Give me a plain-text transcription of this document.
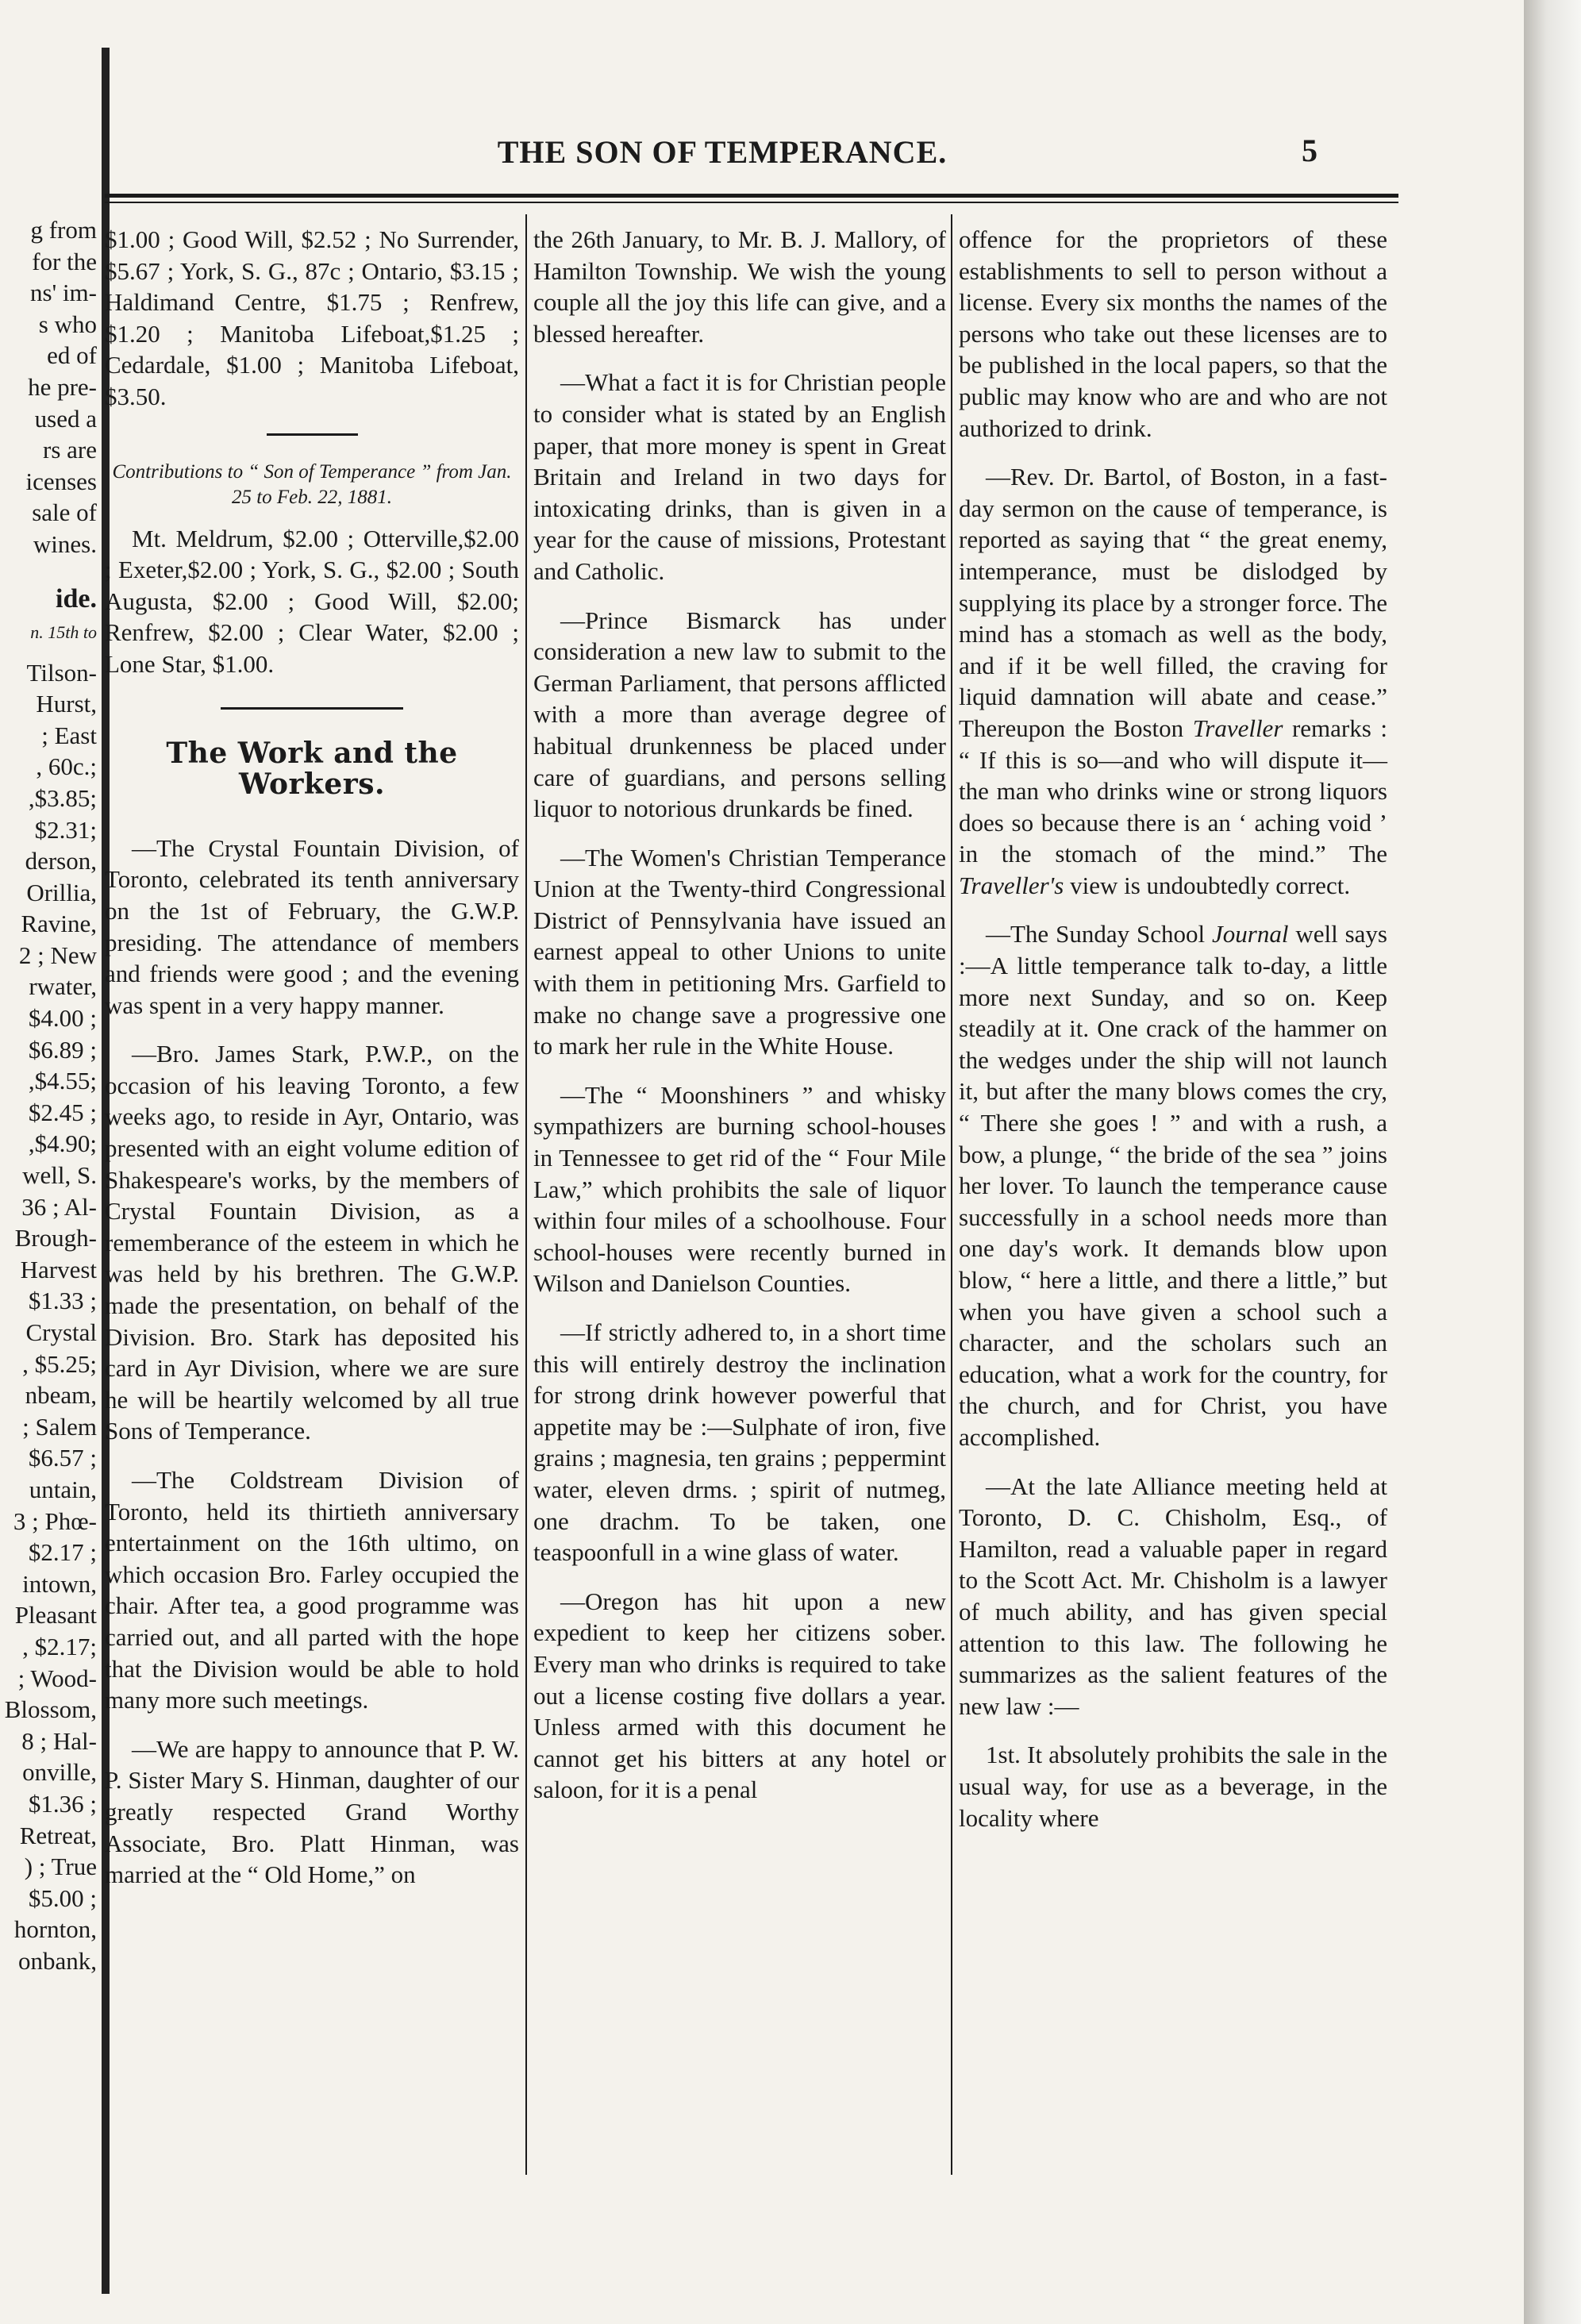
g from
for the
ns' im-
s who
ed of
he pre-
used a
rs are
icenses
sale of
wines.
ide.
n. 15th to
Tilson-
Hurst,
; East
, 60c.;
,$3.85;
$2.31;
derson,
Orillia,
Ravine,
2 ; New
rwater,
$4.00 ;
$6.89 ;
,$4.55;
$2.45 ;
,$4.90;
well, S.
36 ; Al-
Brough-
Harvest
$1.33 ;
Crystal
, $5.25;
nbeam,
; Salem
$6.57 ;
untain,
3 ; Phœ-
$2.17 ;
intown,
Pleasant
, $2.17;
; Wood-
Blossom,
8 ; Hal-
onville,
$1.36 ;
Retreat,
) ; True
$5.00 ;
hornton,
onbank,
THE SON OF TEMPERANCE.	5

$1.00 ; Good Will, $2.52 ; No Surrender, $5.67 ; York, S. G., 87c ; Ontario, $3.15 ; Haldimand Centre, $1.75 ; Renfrew, $1.20 ; Manitoba Lifeboat,$1.25 ; Cedardale, $1.00 ; Manitoba Lifeboat, $3.50.

Contributions to “ Son of Temperance ” from Jan. 25 to Feb. 22, 1881.

Mt. Meldrum, $2.00 ; Otterville,$2.00 ; Exeter,$2.00 ; York, S. G., $2.00 ; South Augusta, $2.00 ; Good Will, $2.00; Renfrew, $2.00 ; Clear Water, $2.00 ; Lone Star, $1.00.

The Work and the Workers.

—The Crystal Fountain Division, of Toronto, celebrated its tenth anniversary on the 1st of February, the G.W.P. presiding. The attendance of members and friends were good ; and the evening was spent in a very happy manner.

—Bro. James Stark, P.W.P., on the occasion of his leaving Toronto, a few weeks ago, to reside in Ayr, Ontario, was presented with an eight volume edition of Shakespeare's works, by the members of Crystal Fountain Division, as a rememberance of the esteem in which he was held by his brethren. The G.W.P. made the presentation, on behalf of the Division. Bro. Stark has deposited his card in Ayr Division, where we are sure he will be heartily welcomed by all true Sons of Temperance.

—The Coldstream Division of Toronto, held its thirtieth anniversary entertainment on the 16th ultimo, on which occasion Bro. Farley occupied the chair. After tea, a good programme was carried out, and all parted with the hope that the Division would be able to hold many more such meetings.

—We are happy to announce that P. W. P. Sister Mary S. Hinman, daughter of our greatly respected Grand Worthy Associate, Bro. Platt Hinman, was married at the “ Old Home,” on

the 26th January, to Mr. B. J. Mallory, of Hamilton Township. We wish the young couple all the joy this life can give, and a blessed hereafter.

—What a fact it is for Christian people to consider what is stated by an English paper, that more money is spent in Great Britain and Ireland in two days for intoxicating drinks, than is given in a year for the cause of missions, Protestant and Catholic.

—Prince Bismarck has under consideration a new law to submit to the German Parliament, that persons afflicted with a more than average degree of habitual drunkenness be placed under care of guardians, and persons selling liquor to notorious drunkards be fined.

—The Women's Christian Temperance Union at the Twenty-third Congressional District of Pennsylvania have issued an earnest appeal to other Unions to unite with them in petitioning Mrs. Garfield to make no change save a progressive one to mark her rule in the White House.

—The “ Moonshiners ” and whisky sympathizers are burning school-houses in Tennessee to get rid of the “ Four Mile Law,” which prohibits the sale of liquor within four miles of a schoolhouse. Four school-houses were recently burned in Wilson and Danielson Counties.

—If strictly adhered to, in a short time this will entirely destroy the inclination for strong drink however powerful that appetite may be :—Sulphate of iron, five grains ; magnesia, ten grains ; peppermint water, eleven drms. ; spirit of nutmeg, one drachm. To be taken, one teaspoonfull in a wine glass of water.

—Oregon has hit upon a new expedient to keep her citizens sober. Every man who drinks is required to take out a license costing five dollars a year. Unless armed with this document he cannot get his bitters at any hotel or saloon, for it is a penal

offence for the proprietors of these establishments to sell to person without a license. Every six months the names of the persons who take out these licenses are to be published in the local papers, so that the public may know who are and who are not authorized to drink.

—Rev. Dr. Bartol, of Boston, in a fast-day sermon on the cause of temperance, is reported as saying that “ the great enemy, intemperance, must be dislodged by supplying its place by a stronger force. The mind has a stomach as well as the body, and if it be well filled, the craving for liquid damnation will abate and cease.” Thereupon the Boston Traveller remarks : “ If this is so—and who will dispute it—the man who drinks wine or strong liquors does so because there is an ‘ aching void ’ in the stomach of the mind.” The Traveller's view is undoubtedly correct.

—The Sunday School Journal well says :—A little temperance talk to-day, a little more next Sunday, and so on. Keep steadily at it. One crack of the hammer on the wedges under the ship will not launch it, but after the many blows comes the cry, “ There she goes ! ” and with a rush, a bow, a plunge, “ the bride of the sea ” joins her lover. To launch the temperance cause successfully in a school needs more than one day's work. It demands blow upon blow, “ here a little, and there a little,” but when you have given a school such a character, and the scholars such an education, what a work for the country, for the church, and for Christ, you have accomplished.

—At the late Alliance meeting held at Toronto, D. C. Chisholm, Esq., of Hamilton, read a valuable paper in regard to the Scott Act. Mr. Chisholm is a lawyer of much ability, and has given special attention to this law. The following he summarizes as the salient features of the new law :—

1st. It absolutely prohibits the sale in the usual way, for use as a beverage, in the locality where
